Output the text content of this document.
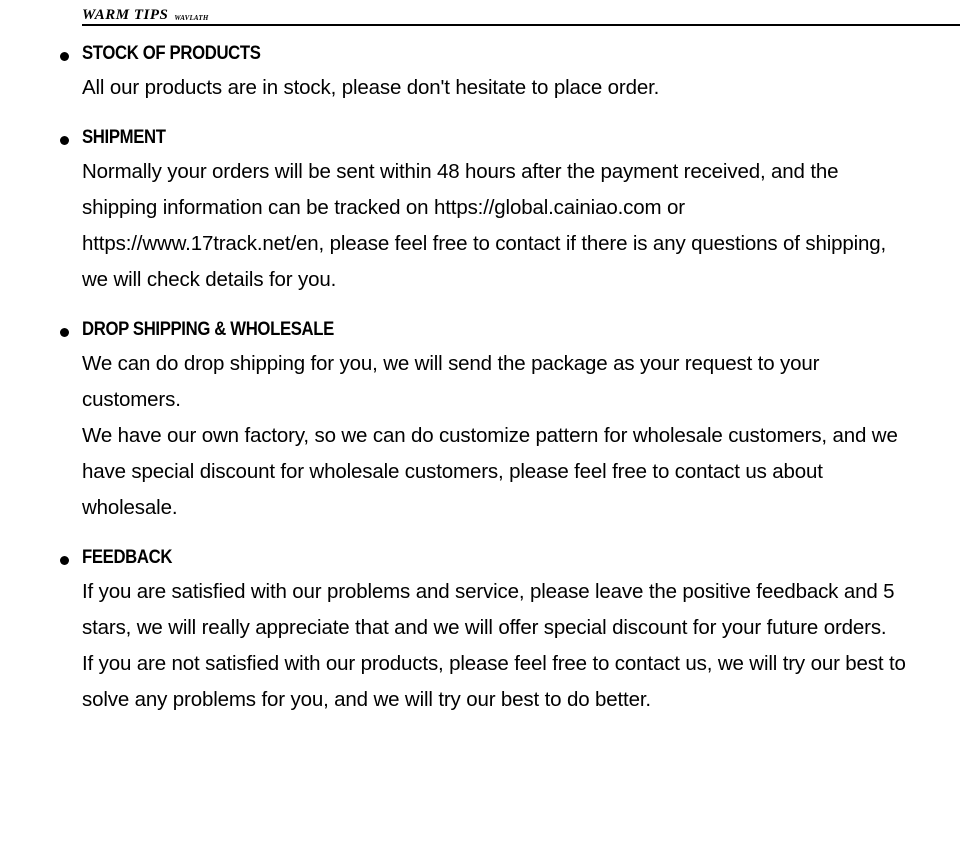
WARM TIPS WAVLATH
STOCK OF PRODUCTS

All our products are in stock, please don't hesitate to place order.

SHIPMENT

Normally your orders will be sent within 48 hours after the payment received, and the shipping information can be tracked on https://global.cainiao.com or https://www.17track.net/en, please feel free to contact if there is any questions of shipping, we will check details for you.

DROP SHIPPING & WHOLESALE

We can do drop shipping for you, we will send the package as your request to your customers.

We have our own factory, so we can do customize pattern for wholesale customers, and we have special discount for wholesale customers, please feel free to contact us about wholesale.

FEEDBACK

If you are satisfied with our problems and service, please leave the positive feedback and 5 stars, we will really appreciate that and we will offer special discount for your future orders.

If you are not satisfied with our products, please feel free to contact us, we will try our best to solve any problems for you, and we will try our best to do better.
